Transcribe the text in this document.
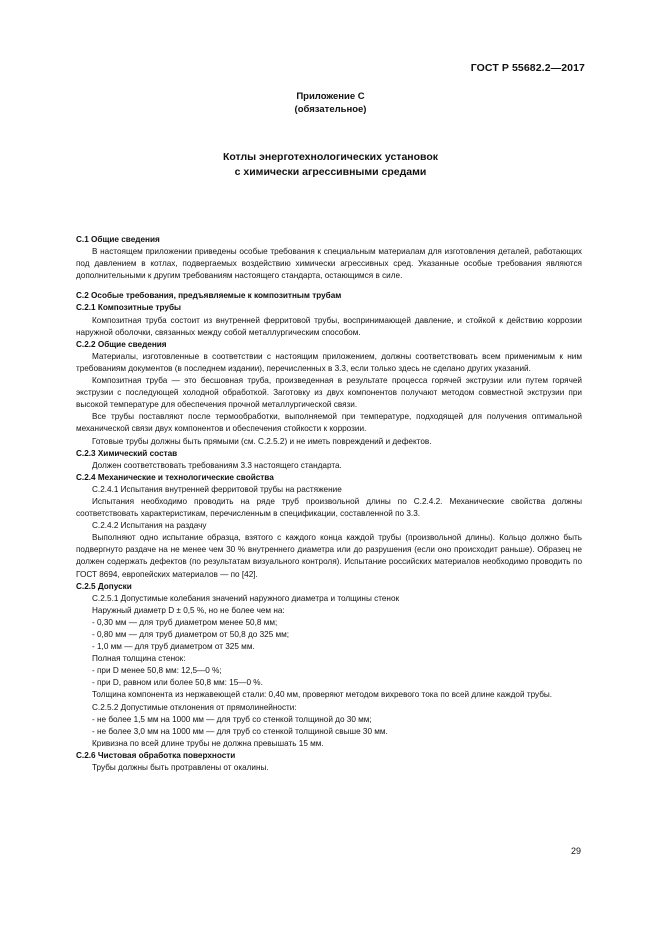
ГОСТ Р 55682.2—2017
Приложение С
(обязательное)
Котлы энерготехнологических установок
с химически агрессивными средами

С.1 Общие сведения

В настоящем приложении приведены особые требования к специальным материалам для изготовления деталей, работающих под давлением в котлах, подвергаемых воздействию химически агрессивных сред. Указанные особые требования являются дополнительными к другим требованиям настоящего стандарта, остающимся в силе.

С.2 Особые требования, предъявляемые к композитным трубам

С.2.1 Композитные трубы

Композитная труба состоит из внутренней ферритовой трубы, воспринимающей давление, и стойкой к действию коррозии наружной оболочки, связанных между собой металлургическим способом.

С.2.2 Общие сведения

Материалы, изготовленные в соответствии с настоящим приложением, должны соответствовать всем применимым к ним требованиям документов (в последнем издании), перечисленных в 3.3, если только здесь не сделано других указаний.

Композитная труба — это бесшовная труба, произведенная в результате процесса горячей экструзии или путем горячей экструзии с последующей холодной обработкой. Заготовку из двух компонентов получают методом совместной экструзии при высокой температуре для обеспечения прочной металлургической связи.

Все трубы поставляют после термообработки, выполняемой при температуре, подходящей для получения оптимальной механической связи двух компонентов и обеспечения стойкости к коррозии.

Готовые трубы должны быть прямыми (см. С.2.5.2) и не иметь повреждений и дефектов.

С.2.3 Химический состав

Должен соответствовать требованиям 3.3 настоящего стандарта.

С.2.4 Механические и технологические свойства

С.2.4.1 Испытания внутренней ферритовой трубы на растяжение

Испытания необходимо проводить на ряде труб произвольной длины по С.2.4.2. Механические свойства должны соответствовать характеристикам, перечисленным в спецификации, составленной по 3.3.

С.2.4.2 Испытания на раздачу

Выполняют одно испытание образца, взятого с каждого конца каждой трубы (произвольной длины). Кольцо должно быть подвергнуто раздаче на не менее чем 30 % внутреннего диаметра или до разрушения (если оно происходит раньше). Образец не должен содержать дефектов (по результатам визуального контроля). Испытание российских материалов необходимо проводить по ГОСТ 8694, европейских материалов — по [42].

С.2.5 Допуски

С.2.5.1 Допустимые колебания значений наружного диаметра и толщины стенок

Наружный диаметр D ± 0,5 %, но не более чем на:

- 0,30 мм — для труб диаметром менее 50,8 мм;

- 0,80 мм — для труб диаметром от 50,8 до 325 мм;

- 1,0 мм — для труб диаметром от 325 мм.

Полная толщина стенок:

- при D менее 50,8 мм: 12,5—0 %;

- при D, равном или более 50,8 мм: 15—0 %.

Толщина компонента из нержавеющей стали: 0,40 мм, проверяют методом вихревого тока по всей длине каждой трубы.

С.2.5.2 Допустимые отклонения от прямолинейности:

- не более 1,5 мм на 1000 мм — для труб со стенкой толщиной до 30 мм;

- не более 3,0 мм на 1000 мм — для труб со стенкой толщиной свыше 30 мм.

Кривизна по всей длине трубы не должна превышать 15 мм.

С.2.6 Чистовая обработка поверхности

Трубы должны быть протравлены от окалины.

29
